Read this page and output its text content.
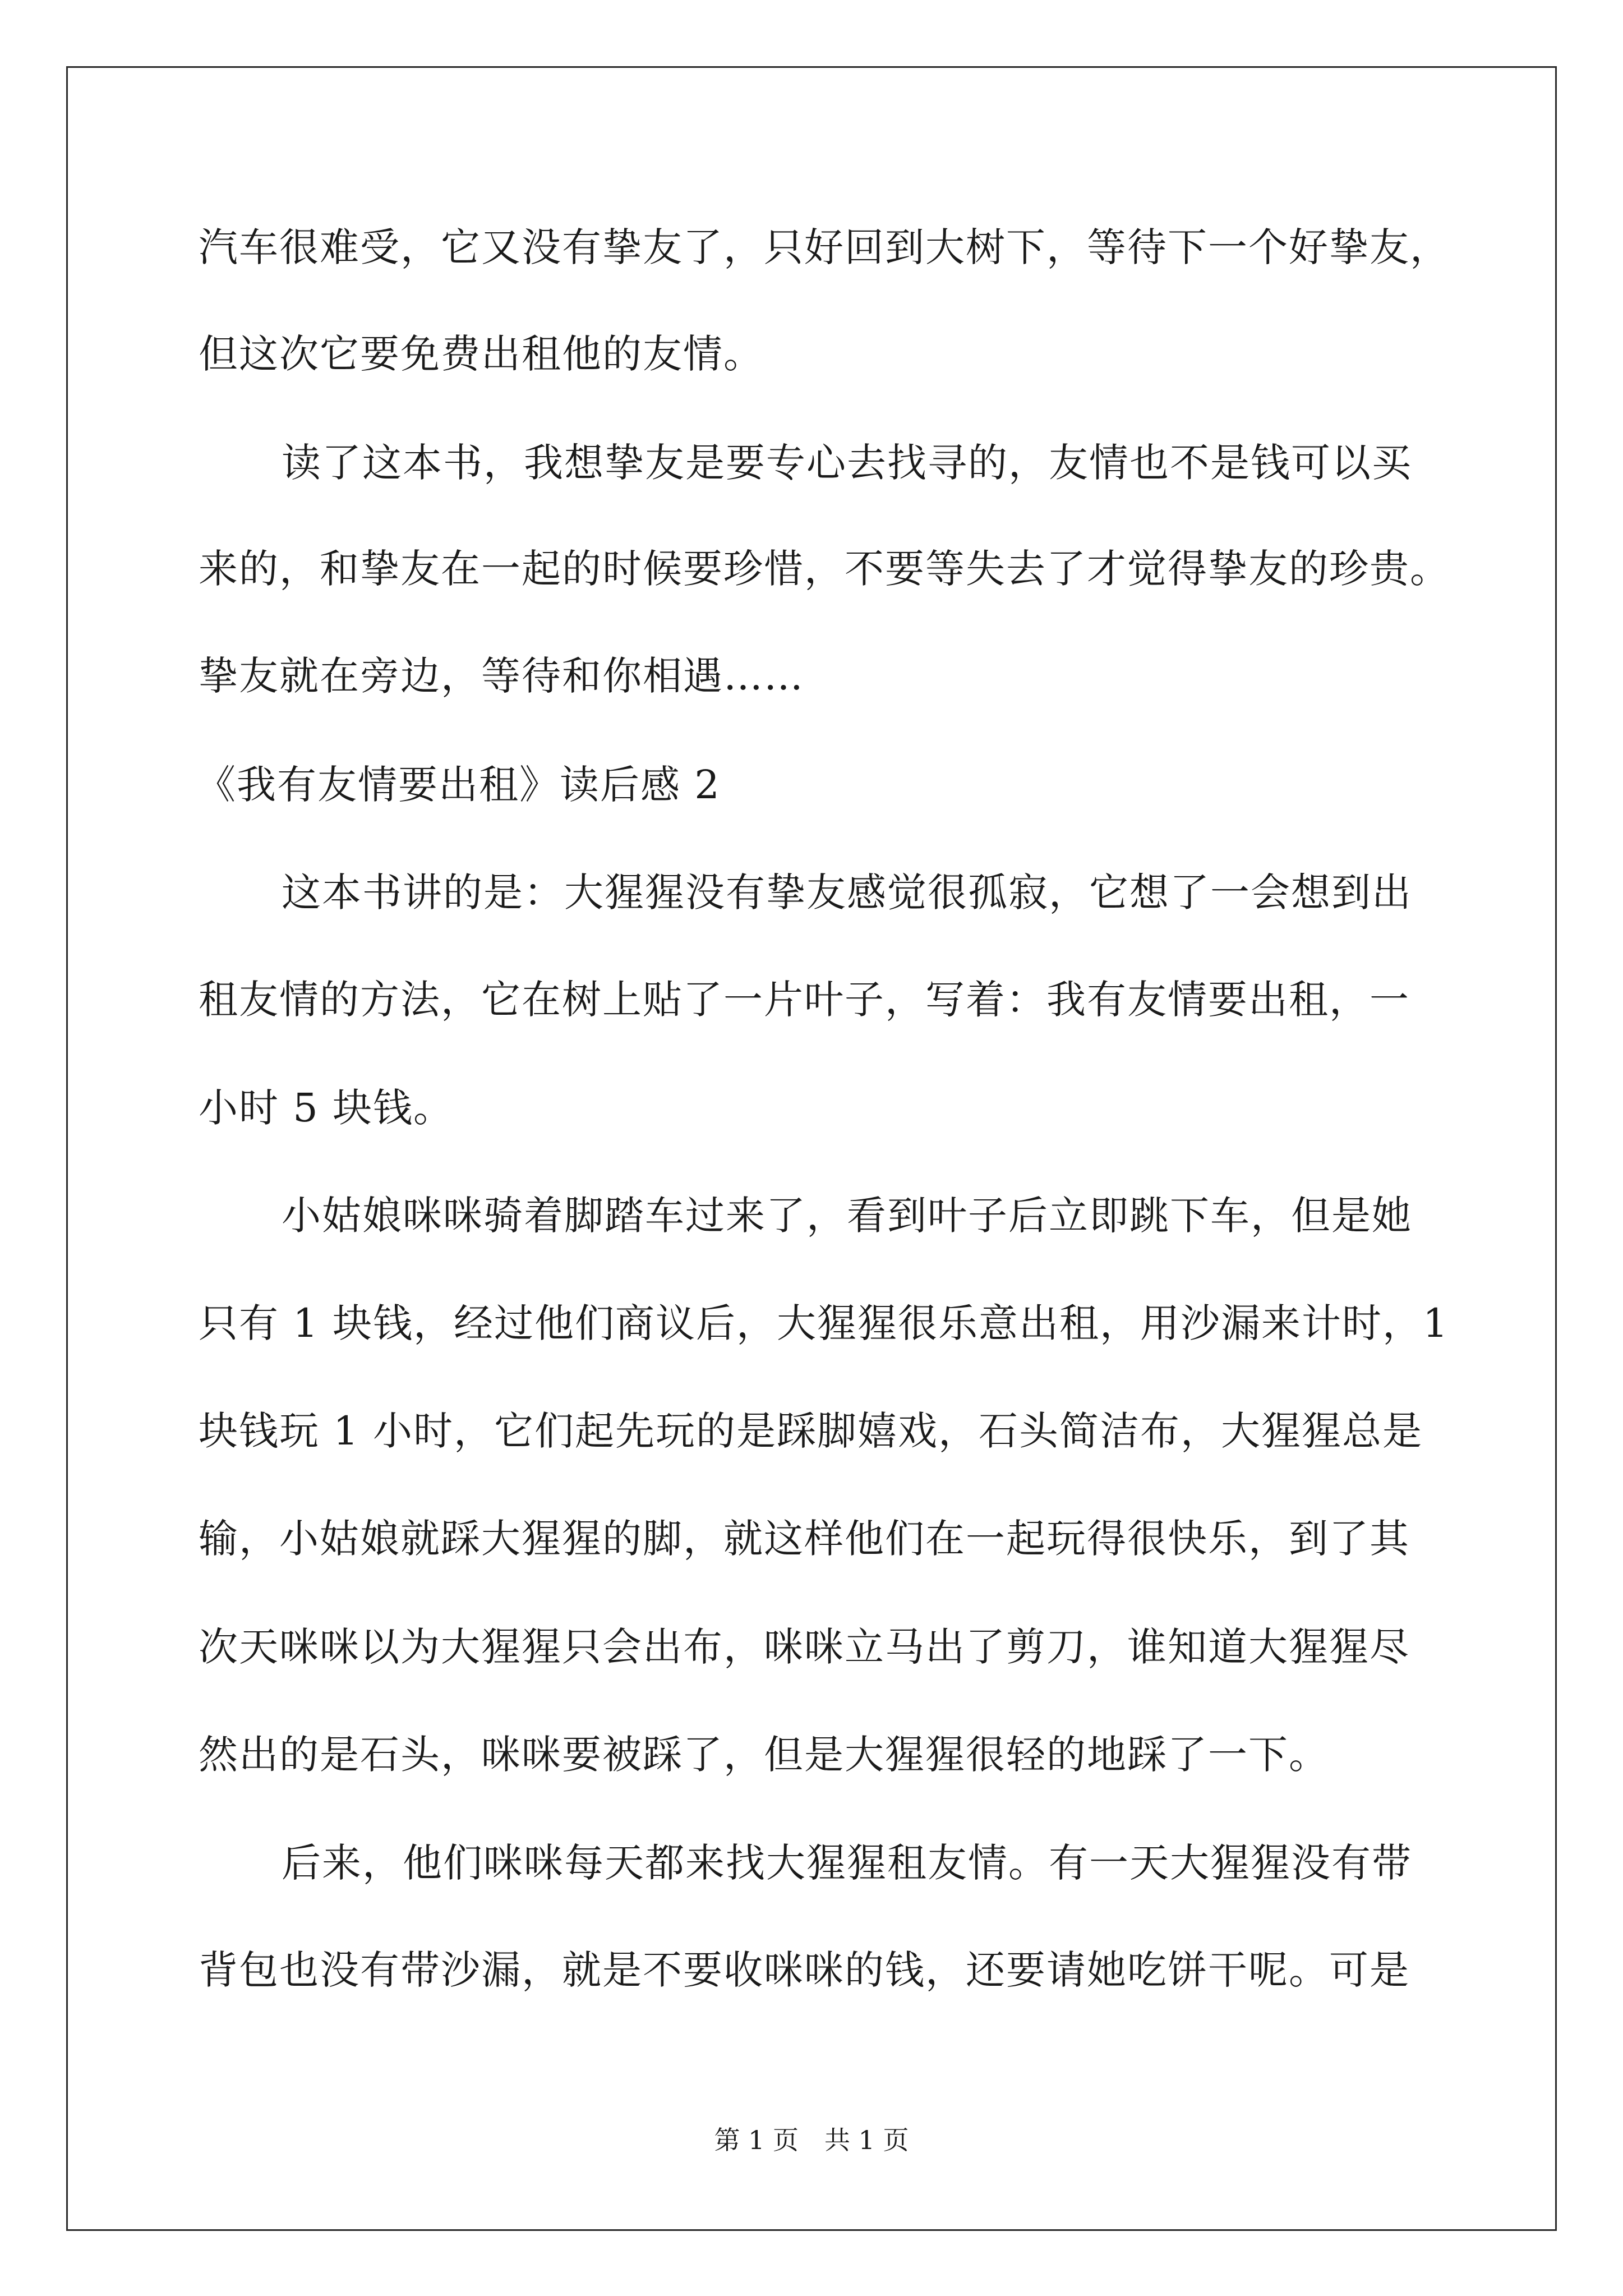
汽车很难受，它又没有挚友了，只好回到大树下，等待下一个好挚友，
但这次它要免费出租他的友情。
读了这本书，我想挚友是要专心去找寻的，友情也不是钱可以买
来的，和挚友在一起的时候要珍惜，不要等失去了才觉得挚友的珍贵。
挚友就在旁边，等待和你相遇……
《我有友情要出租》读后感 2
这本书讲的是：大猩猩没有挚友感觉很孤寂，它想了一会想到出
租友情的方法，它在树上贴了一片叶子，写着：我有友情要出租，一
小时 5 块钱。
小姑娘咪咪骑着脚踏车过来了，看到叶子后立即跳下车，但是她
只有 1 块钱，经过他们商议后，大猩猩很乐意出租，用沙漏来计时，1
块钱玩 1 小时，它们起先玩的是踩脚嬉戏，石头简洁布，大猩猩总是
输，小姑娘就踩大猩猩的脚，就这样他们在一起玩得很快乐，到了其
次天咪咪以为大猩猩只会出布，咪咪立马出了剪刀，谁知道大猩猩尽
然出的是石头，咪咪要被踩了，但是大猩猩很轻的地踩了一下。
后来，他们咪咪每天都来找大猩猩租友情。有一天大猩猩没有带
背包也没有带沙漏，就是不要收咪咪的钱，还要请她吃饼干呢。可是
第 1 页　共 1 页
